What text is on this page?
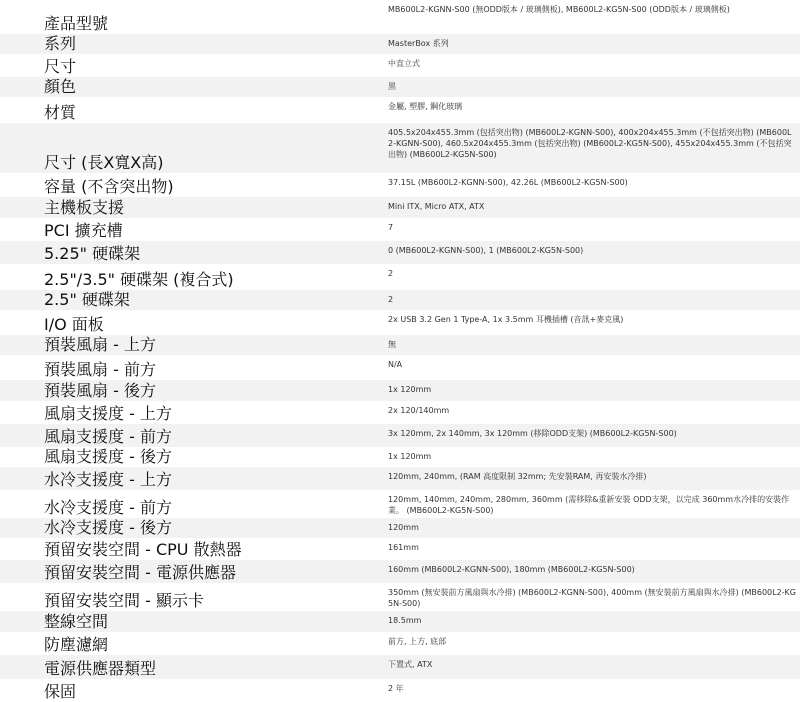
產品型號	MB600L2-KGNN-S00 (無ODD版本 / 玻璃側板), MB600L2-KG5N-S00 (ODD版本 / 玻璃側板)
系列	MasterBox 系列
尺寸	中直立式
顏色	黑
材質	金屬, 塑膠, 鋼化玻璃
尺寸 (長X寬X高)	405.5x204x455.3mm (包括突出物) (MB600L2-KGNN-S00), 400x204x455.3mm (不包括突出物) (MB600L2-KGNN-S00), 460.5x204x455.3mm (包括突出物) (MB600L2-KG5N-S00), 455x204x455.3mm (不包括突出物) (MB600L2-KG5N-S00)
容量 (不含突出物)	37.15L (MB600L2-KGNN-S00), 42.26L (MB600L2-KG5N-S00)
主機板支援	Mini ITX, Micro ATX, ATX
PCI 擴充槽	7
5.25" 硬碟架	0 (MB600L2-KGNN-S00), 1 (MB600L2-KG5N-S00)
2.5"/3.5" 硬碟架 (複合式)	2
2.5" 硬碟架	2
I/O 面板	2x USB 3.2 Gen 1 Type-A, 1x 3.5mm 耳機插槽 (音訊+麥克風)
預裝風扇 - 上方	無
預裝風扇 - 前方	N/A
預裝風扇 - 後方	1x 120mm
風扇支援度 - 上方	2x 120/140mm
風扇支援度 - 前方	3x 120mm, 2x 140mm, 3x 120mm (移除ODD支架) (MB600L2-KG5N-S00)
風扇支援度 - 後方	1x 120mm
水冷支援度 - 上方	120mm, 240mm, (RAM 高度限制 32mm; 先安裝RAM, 再安裝水冷排)
水冷支援度 - 前方	120mm, 140mm, 240mm, 280mm, 360mm (需移除&重新安裝 ODD支架，以完成 360mm水冷排的安裝作業。 (MB600L2-KG5N-S00)
水冷支援度 - 後方	120mm
預留安裝空間 - CPU 散熱器	161mm
預留安裝空間 - 電源供應器	160mm (MB600L2-KGNN-S00), 180mm (MB600L2-KG5N-S00)
預留安裝空間 - 顯示卡	350mm (無安裝前方風扇與水冷排) (MB600L2-KGNN-S00), 400mm (無安裝前方風扇與水冷排) (MB600L2-KG5N-S00)
整線空間	18.5mm
防塵濾網	前方, 上方, 底部
電源供應器類型	下置式, ATX
保固	2 年
